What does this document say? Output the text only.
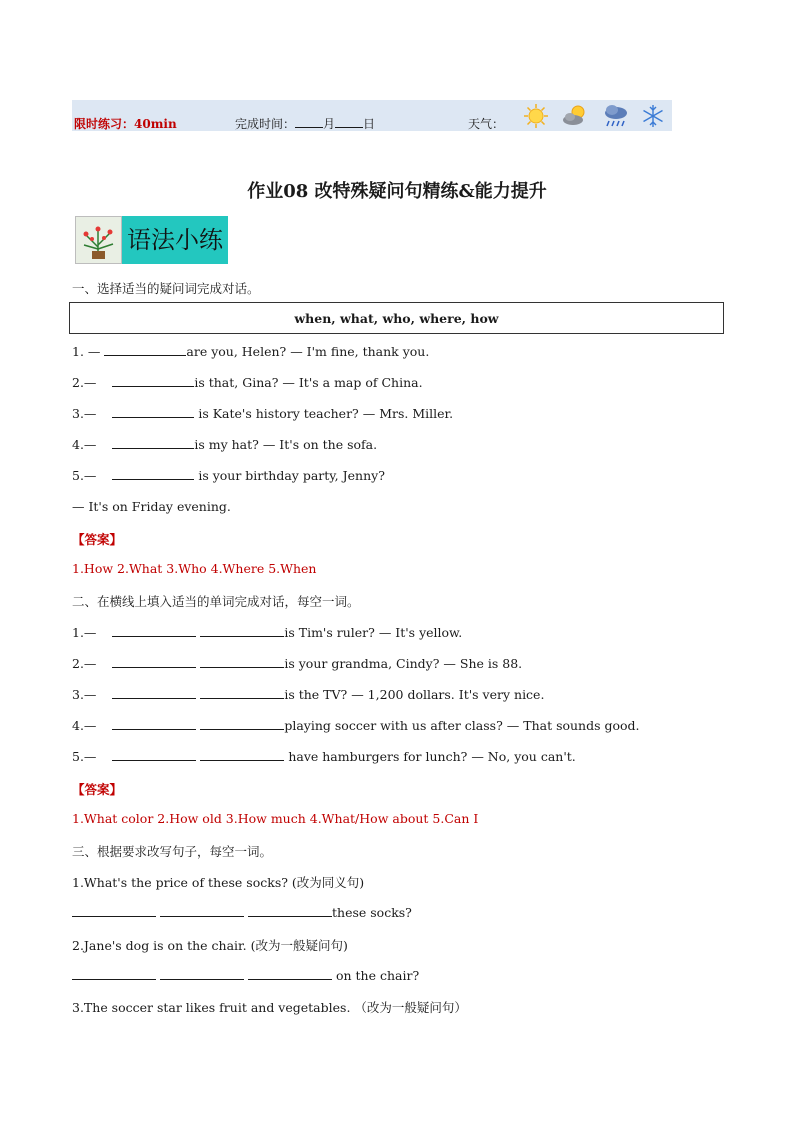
限时练习：40min	完成时间： 月 日	天气：
作业08 改特殊疑问句精练&能力提升
语法小练
一、选择适当的疑问词完成对话。
when, what, who, where, how
1. —	are you, Helen? — I'm fine, thank you.
2.—	is that, Gina? — It's a map of China.
3.—	is Kate's history teacher? — Mrs. Miller.
4.—	is my hat? — It's on the sofa.
5.—	is your birthday party, Jenny?
— It's on Friday evening.
【答案】
1.How 2.What 3.Who 4.Where 5.When
二、在横线上填入适当的单词完成对话，每空一词。
1.—	is Tim's ruler? — It's yellow.
2.—	is your grandma, Cindy? — She is 88.
3.—	is the TV? — 1,200 dollars. It's very nice.
4.—	playing soccer with us after class? — That sounds good.
5.—	have hamburgers for lunch? — No, you can't.
【答案】
1.What color 2.How old 3.How much 4.What/How about 5.Can I
三、根据要求改写句子，每空一词。
1.What's the price of these socks? (改为同义句)
these socks?
2.Jane's dog is on the chair. (改为一般疑问句)
on the chair?
3.The soccer star likes fruit and vegetables. （改为一般疑问句）
